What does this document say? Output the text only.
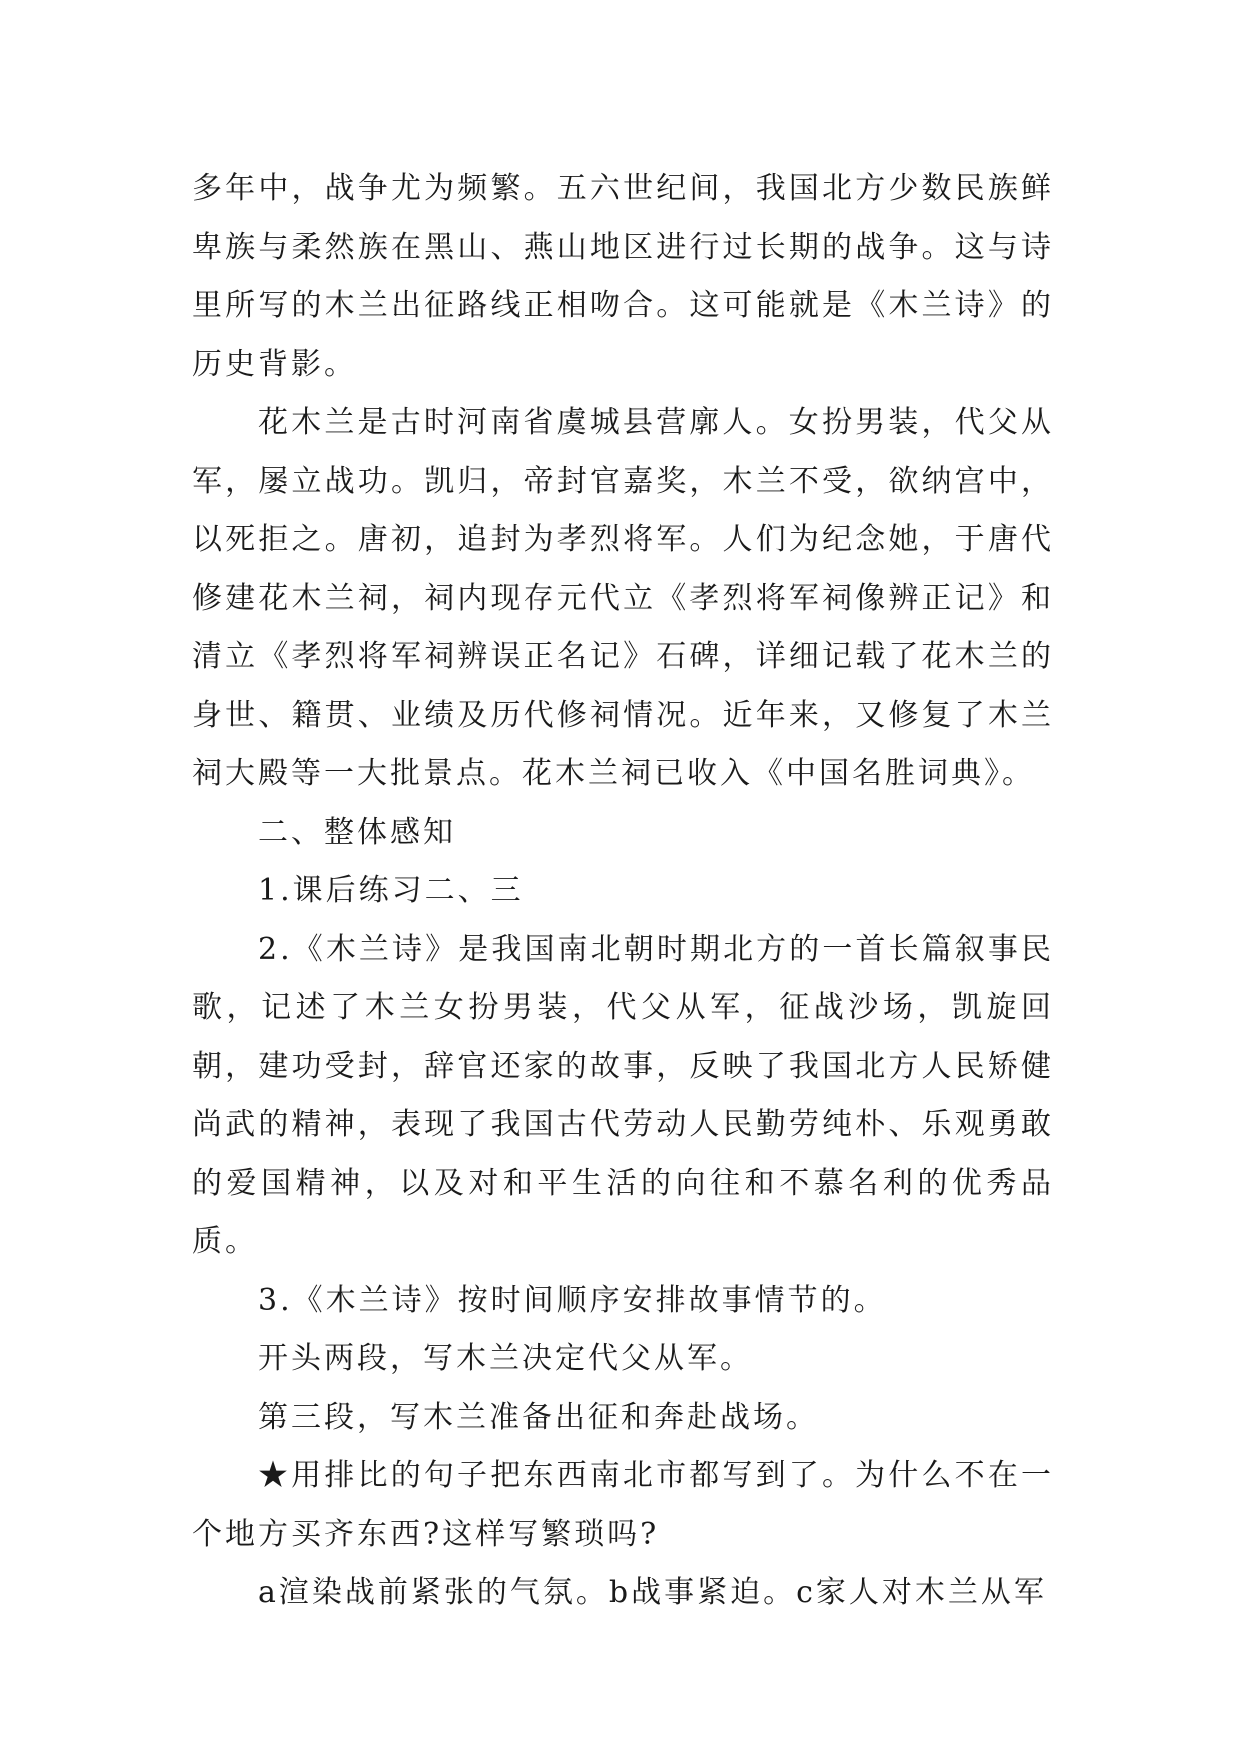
多年中，战争尤为频繁。五六世纪间，我国北方少数民族鲜卑族与柔然族在黑山、燕山地区进行过长期的战争。这与诗里所写的木兰出征路线正相吻合。这可能就是《木兰诗》的历史背影。

花木兰是古时河南省虞城县营廓人。女扮男装，代父从军，屡立战功。凯归，帝封官嘉奖，木兰不受，欲纳宫中，以死拒之。唐初，追封为孝烈将军。人们为纪念她，于唐代修建花木兰祠，祠内现存元代立《孝烈将军祠像辨正记》和清立《孝烈将军祠辨误正名记》石碑，详细记载了花木兰的身世、籍贯、业绩及历代修祠情况。近年来，又修复了木兰祠大殿等一大批景点。花木兰祠已收入《中国名胜词典》。

二、整体感知

1.课后练习二、三

2.《木兰诗》是我国南北朝时期北方的一首长篇叙事民歌，记述了木兰女扮男装，代父从军，征战沙场，凯旋回朝，建功受封，辞官还家的故事，反映了我国北方人民矫健尚武的精神，表现了我国古代劳动人民勤劳纯朴、乐观勇敢的爱国精神，以及对和平生活的向往和不慕名利的优秀品质。

3.《木兰诗》按时间顺序安排故事情节的。

开头两段，写木兰决定代父从军。

第三段，写木兰准备出征和奔赴战场。

★用排比的句子把东西南北市都写到了。为什么不在一个地方买齐东西?这样写繁琐吗?

a渲染战前紧张的气氛。b战事紧迫。c家人对木兰从军
